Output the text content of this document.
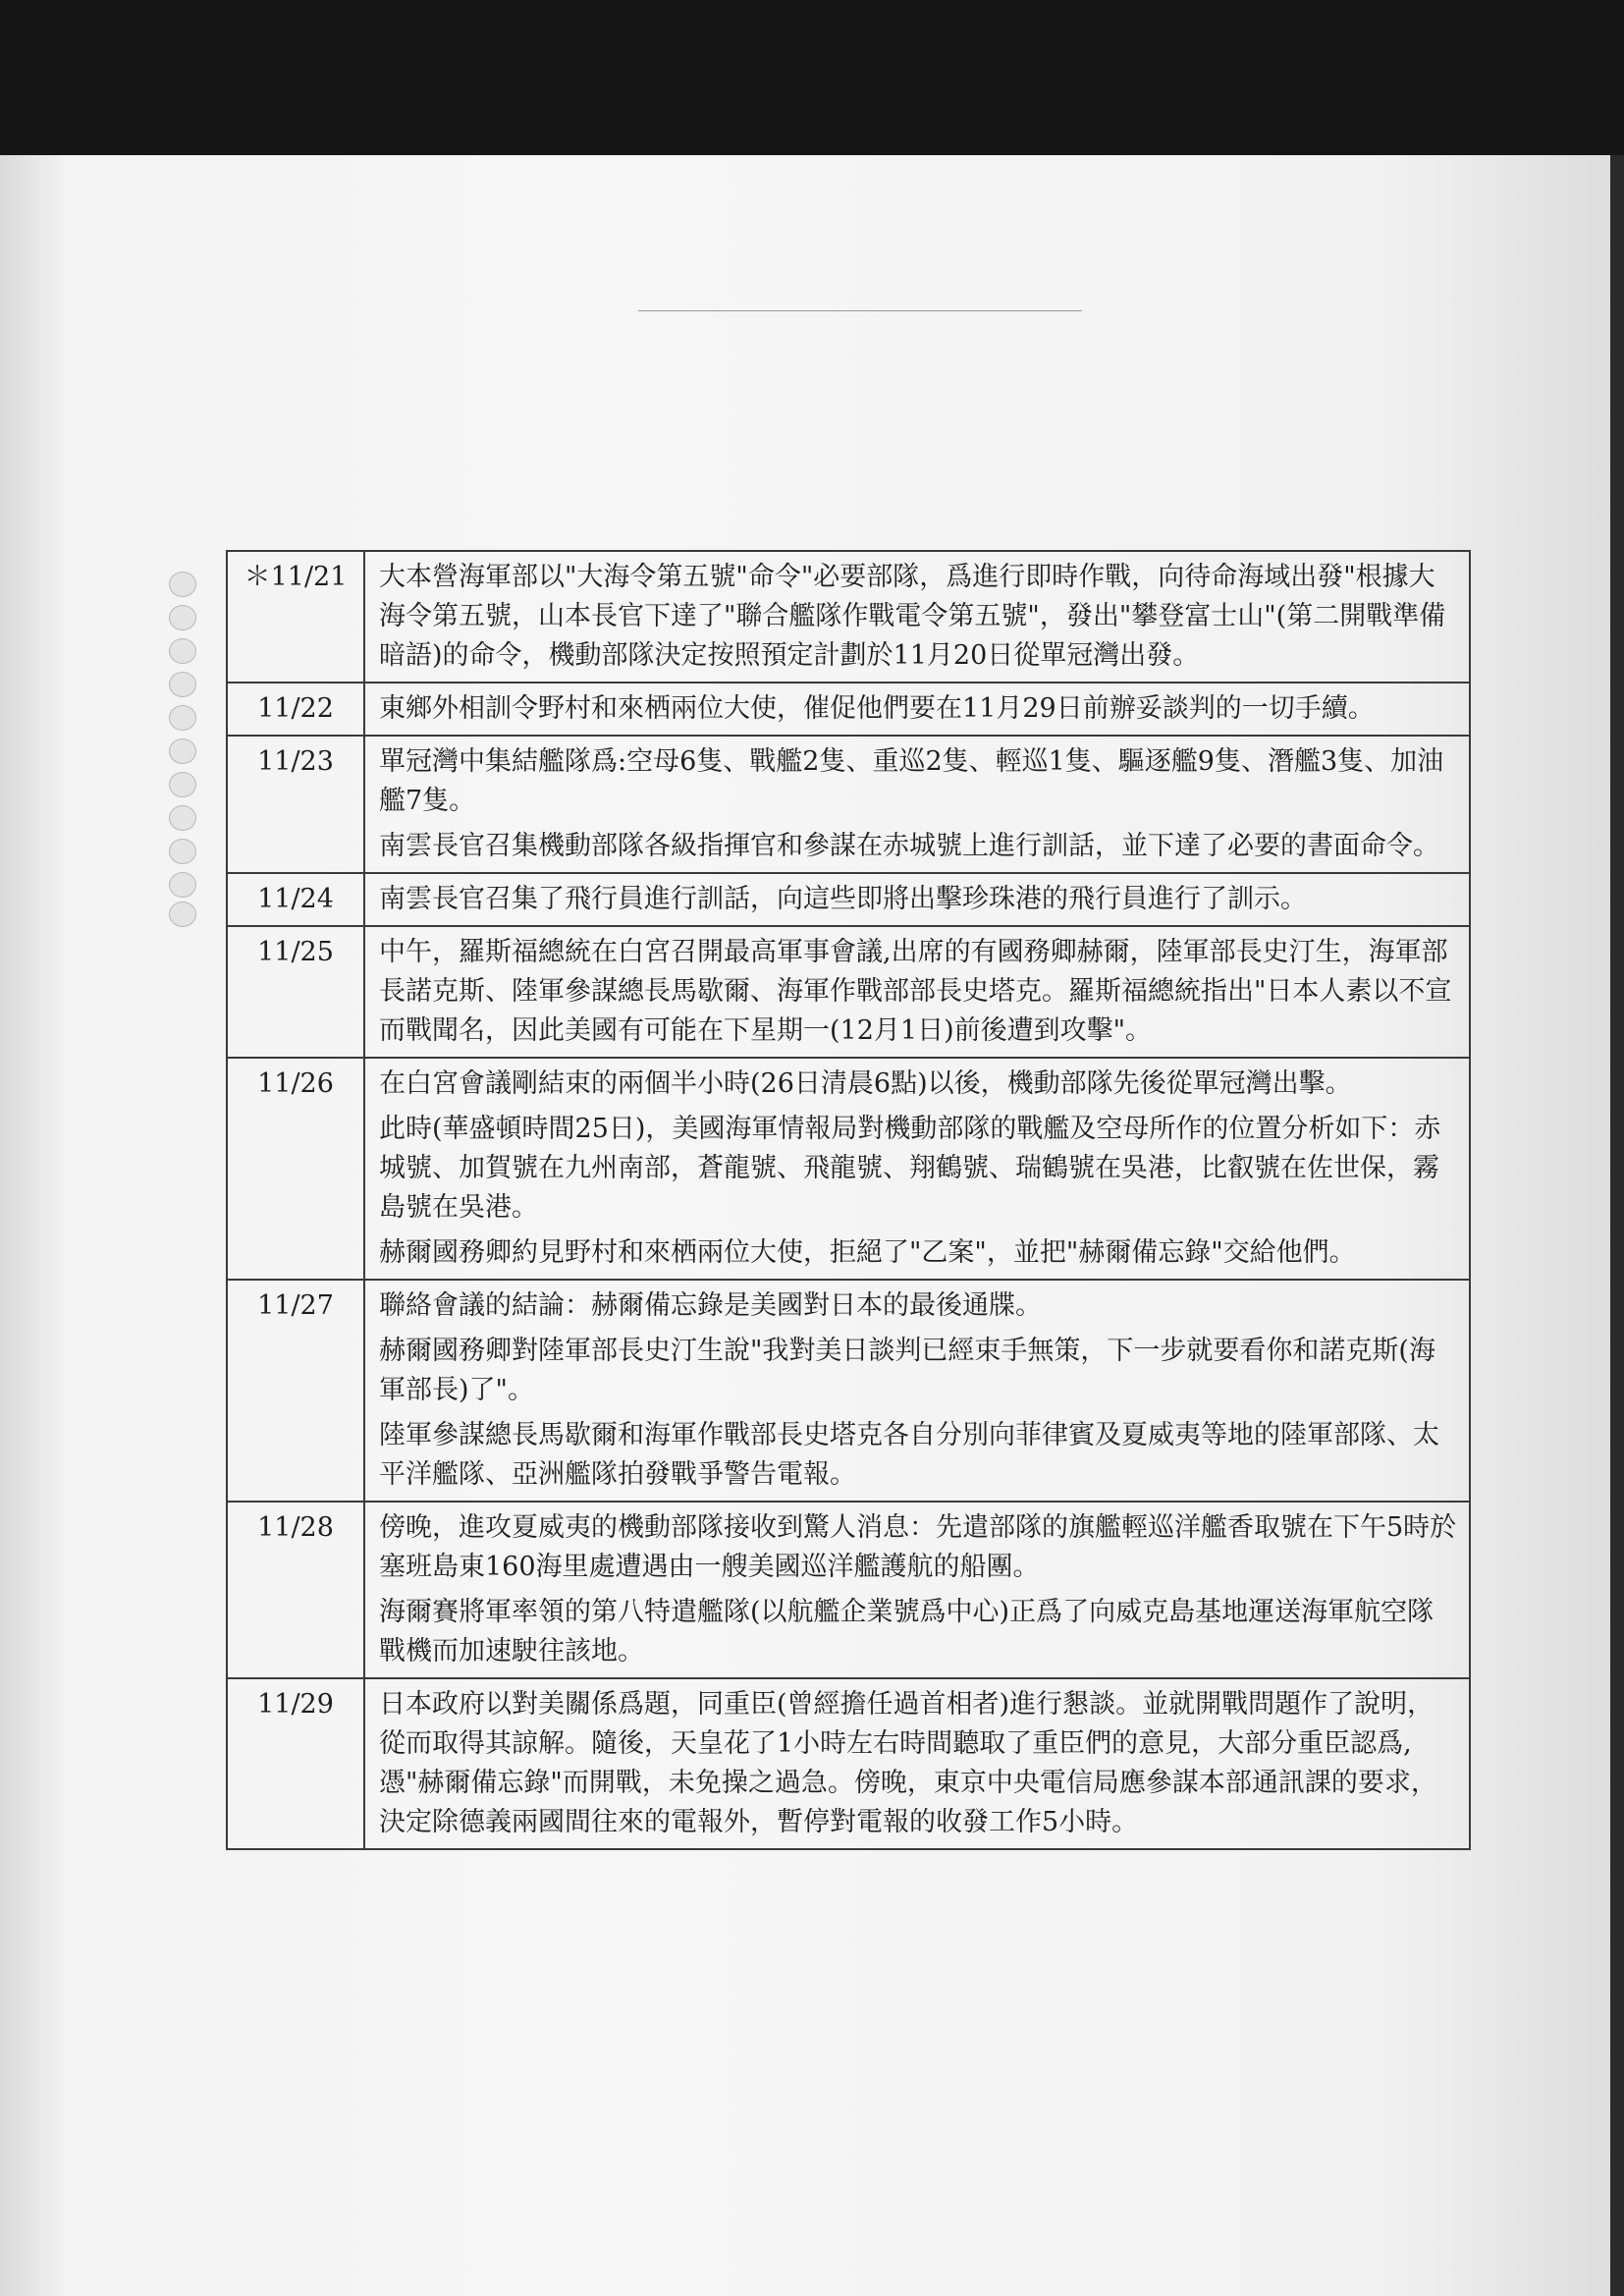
＊11/21	大本營海軍部以"大海令第五號"命令"必要部隊，爲進行即時作戰，向待命海域出發"根據大海令第五號，山本長官下達了"聯合艦隊作戰電令第五號"，發出"攀登富士山"(第二開戰準備暗語)的命令，機動部隊決定按照預定計劃於11月20日從單冠灣出發。

11/22	東鄉外相訓令野村和來栖兩位大使，催促他們要在11月29日前辦妥談判的一切手續。

11/23	單冠灣中集結艦隊爲:空母6隻、戰艦2隻、重巡2隻、輕巡1隻、驅逐艦9隻、潛艦3隻、加油艦7隻。

南雲長官召集機動部隊各級指揮官和參謀在赤城號上進行訓話，並下達了必要的書面命令。

11/24	南雲長官召集了飛行員進行訓話，向這些即將出擊珍珠港的飛行員進行了訓示。

11/25	中午，羅斯福總統在白宮召開最高軍事會議,出席的有國務卿赫爾，陸軍部長史汀生，海軍部長諾克斯、陸軍參謀總長馬歇爾、海軍作戰部部長史塔克。羅斯福總統指出"日本人素以不宣而戰聞名，因此美國有可能在下星期一(12月1日)前後遭到攻擊"。

11/26	在白宮會議剛結束的兩個半小時(26日清晨6點)以後，機動部隊先後從單冠灣出擊。

此時(華盛頓時間25日)，美國海軍情報局對機動部隊的戰艦及空母所作的位置分析如下：赤城號、加賀號在九州南部，蒼龍號、飛龍號、翔鶴號、瑞鶴號在吳港，比叡號在佐世保，霧島號在吳港。

赫爾國務卿約見野村和來栖兩位大使，拒絕了"乙案"，並把"赫爾備忘錄"交給他們。

11/27	聯絡會議的結論：赫爾備忘錄是美國對日本的最後通牒。

赫爾國務卿對陸軍部長史汀生說"我對美日談判已經束手無策，下一步就要看你和諾克斯(海軍部長)了"。

陸軍參謀總長馬歇爾和海軍作戰部長史塔克各自分別向菲律賓及夏威夷等地的陸軍部隊、太平洋艦隊、亞洲艦隊拍發戰爭警告電報。

11/28	傍晚，進攻夏威夷的機動部隊接收到驚人消息：先遣部隊的旗艦輕巡洋艦香取號在下午5時於塞班島東160海里處遭遇由一艘美國巡洋艦護航的船團。

海爾賽將軍率領的第八特遣艦隊(以航艦企業號爲中心)正爲了向威克島基地運送海軍航空隊戰機而加速駛往該地。

11/29	日本政府以對美關係爲題，同重臣(曾經擔任過首相者)進行懇談。並就開戰問題作了說明，從而取得其諒解。隨後，天皇花了1小時左右時間聽取了重臣們的意見，大部分重臣認爲,憑"赫爾備忘錄"而開戰，未免操之過急。傍晚，東京中央電信局應參謀本部通訊課的要求，決定除德義兩國間往來的電報外，暫停對電報的收發工作5小時。
